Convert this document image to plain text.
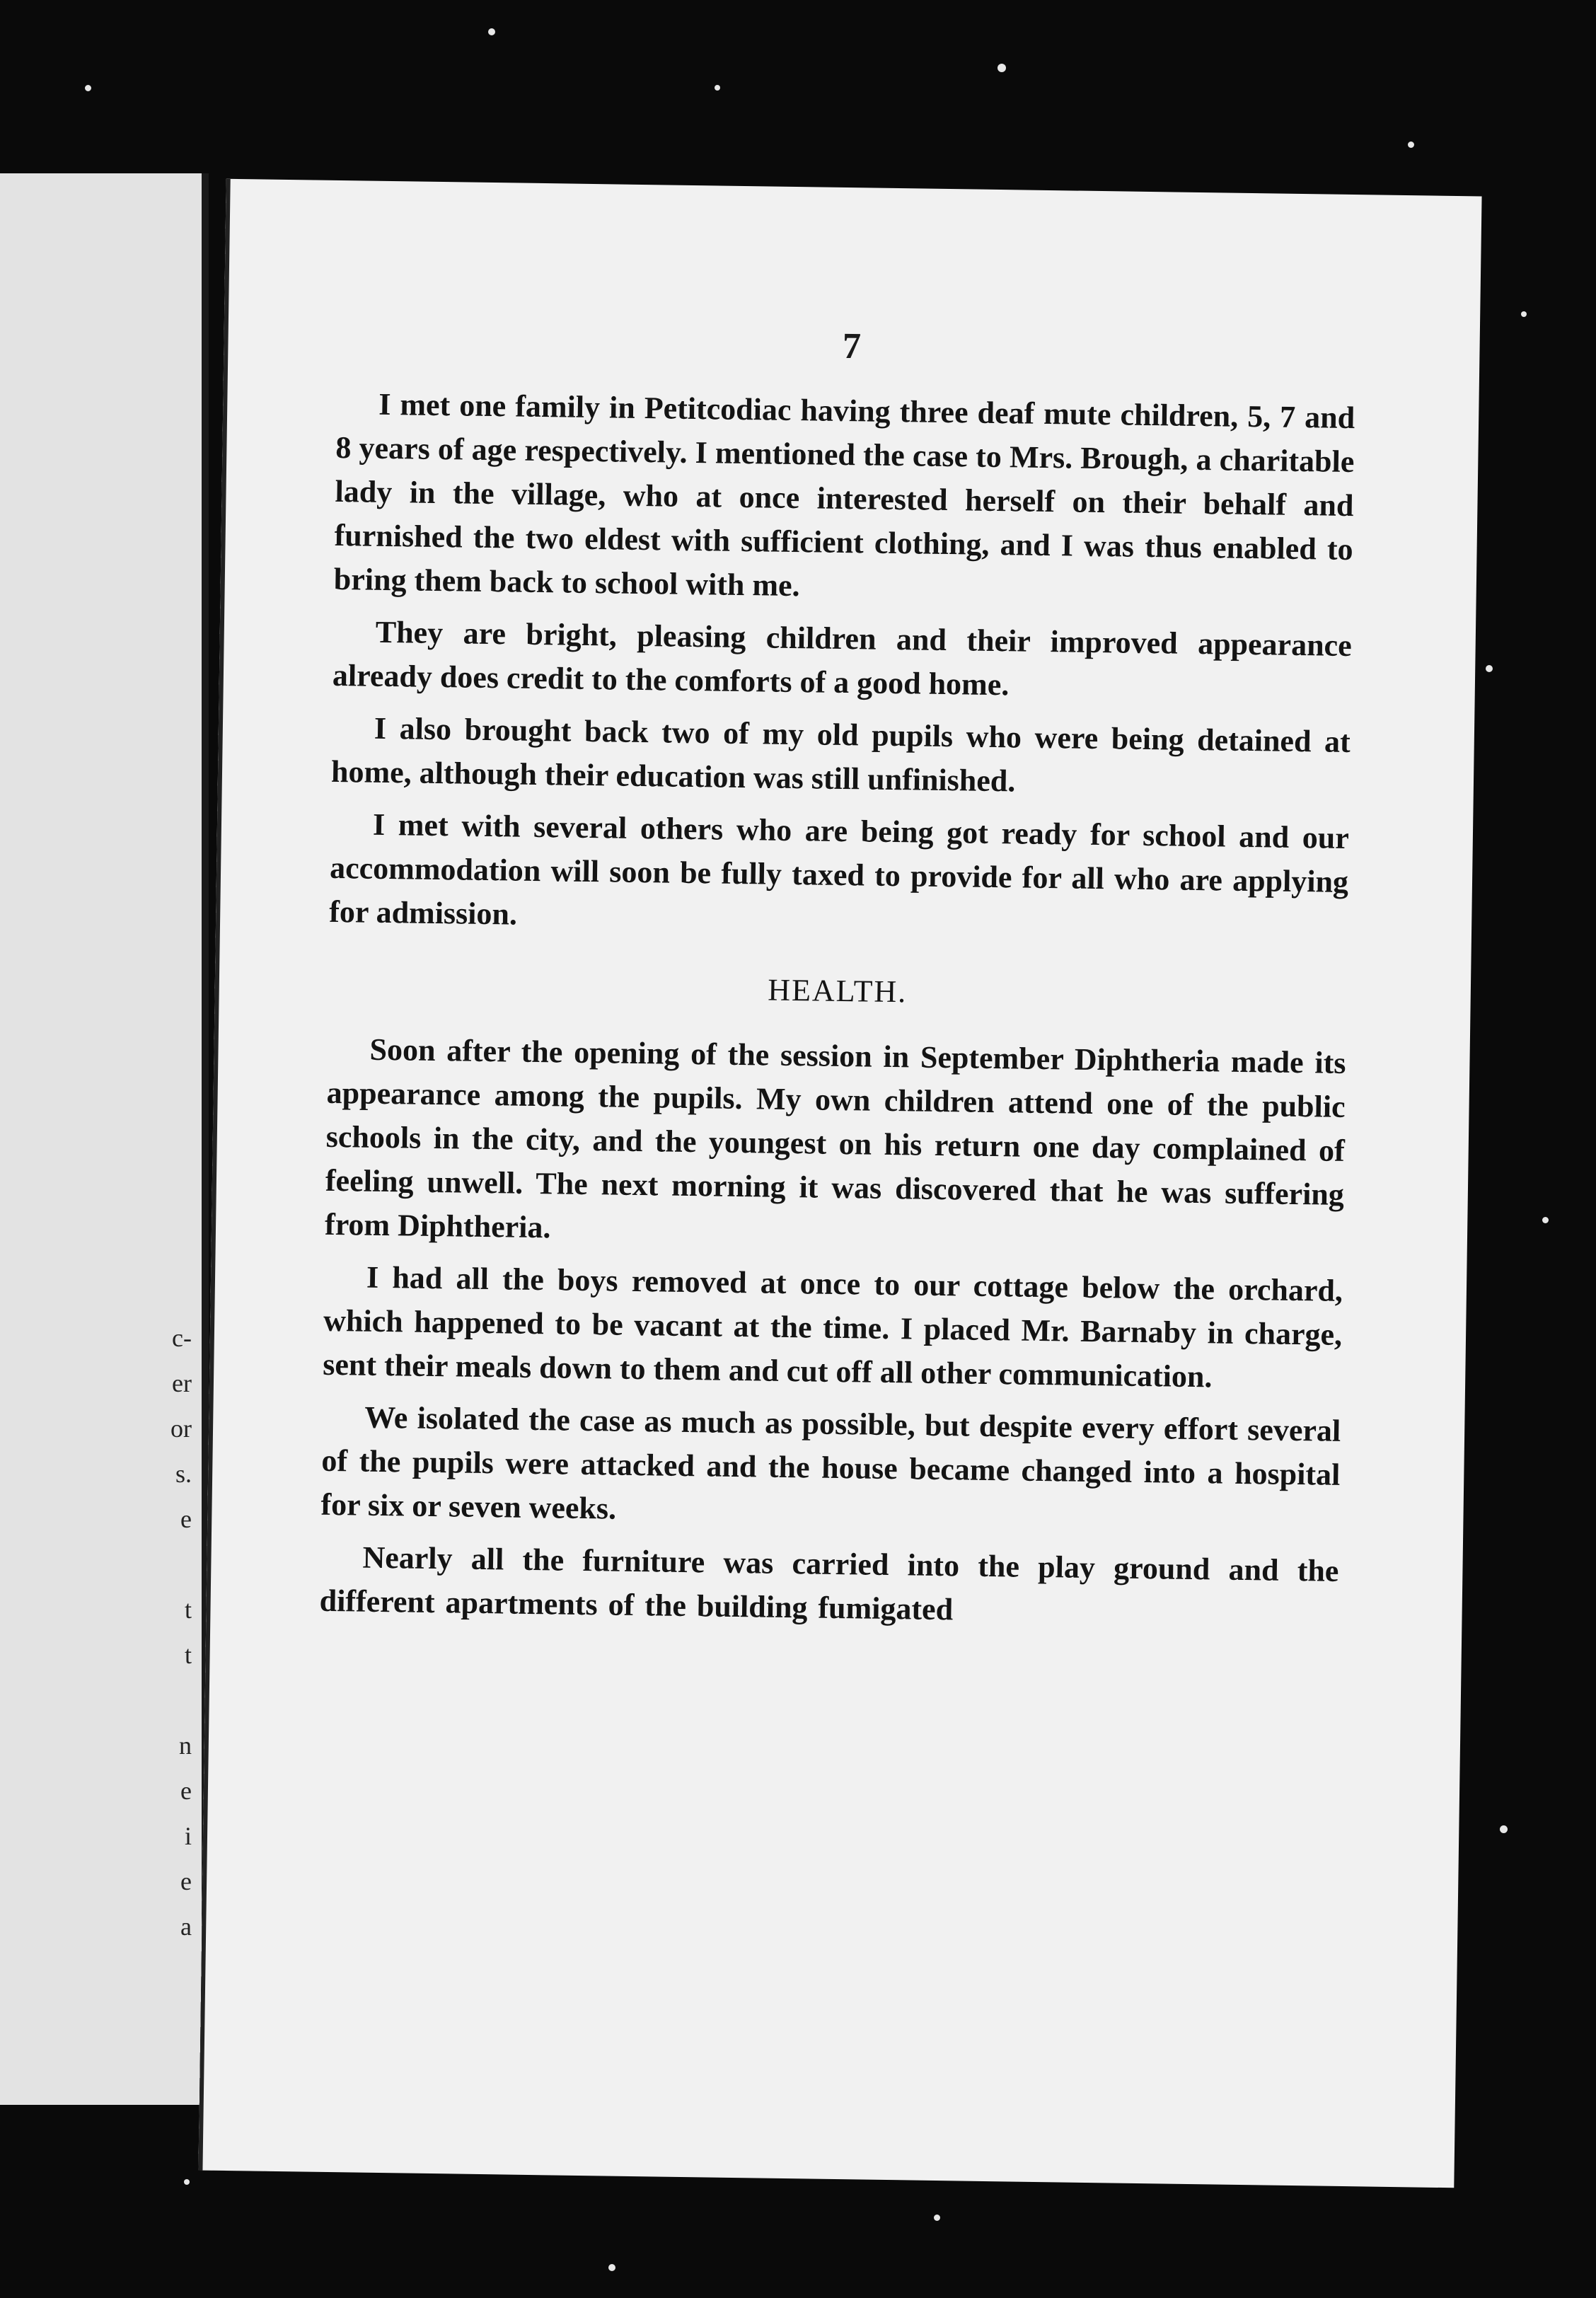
c-
er
or
s.
e
t
t
n
e
i
e
a
7

I met one family in Petitcodiac having three deaf mute children, 5, 7 and 8 years of age respectively. I mentioned the case to Mrs. Brough, a charitable lady in the village, who at once interested herself on their behalf and furnished the two eldest with sufficient clothing, and I was thus enabled to bring them back to school with me.

They are bright, pleasing children and their improved appearance already does credit to the comforts of a good home.

I also brought back two of my old pupils who were being detained at home, although their education was still unfinished.

I met with several others who are being got ready for school and our accommodation will soon be fully taxed to provide for all who are applying for admission.

HEALTH.

Soon after the opening of the session in September Diphtheria made its appearance among the pupils. My own children attend one of the public schools in the city, and the youngest on his return one day complained of feeling unwell. The next morning it was discovered that he was suffering from Diphtheria.

I had all the boys removed at once to our cottage below the orchard, which happened to be vacant at the time. I placed Mr. Barnaby in charge, sent their meals down to them and cut off all other communication.

We isolated the case as much as possible, but despite every effort several of the pupils were attacked and the house became changed into a hospital for six or seven weeks.

Nearly all the furniture was carried into the play ground and the different apartments of the building fumigated
